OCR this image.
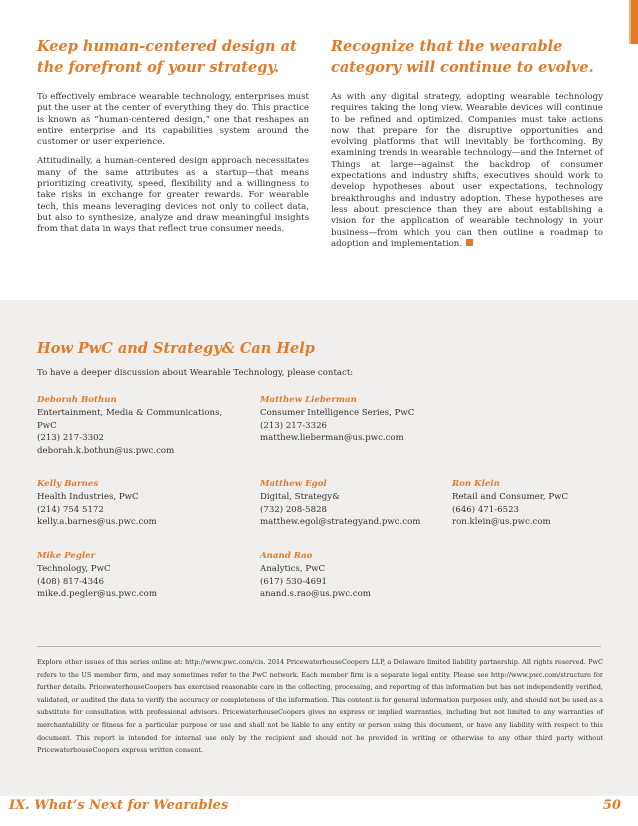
Keep human-centered design at the forefront of your strategy.

To effectively embrace wearable technology, enterprises must put the user at the center of everything they do. This practice is known as “human-centered design,” one that reshapes an entire enterprise and its capabilities system around the customer or user experience.

Attitudinally, a human-centered design approach necessitates many of the same attributes as a startup—that means prioritizing creativity, speed, flexibility and a willingness to take risks in exchange for greater rewards. For wearable tech, this means leveraging devices not only to collect data, but also to synthesize, analyze and draw meaningful insights from that data in ways that reflect true consumer needs.

Recognize that the wearable category will continue to evolve.

As with any digital strategy, adopting wearable technology requires taking the long view. Wearable devices will continue to be refined and optimized. Companies must take actions now that prepare for the disruptive opportunities and evolving platforms that will inevitably be forthcoming. By examining trends in wearable technology—and the Internet of Things at large—against the backdrop of consumer expectations and industry shifts, executives should work to develop hypotheses about user expectations, technology breakthroughs and industry adoption. These hypotheses are less about prescience than they are about establishing a vision for the application of wearable technology in your business—from which you can then outline a roadmap to adoption and implementation.

How PwC and Strategy& Can Help

To have a deeper discussion about Wearable Technology, please contact:

Deborah Bothun
Entertainment, Media & Communications,
PwC
(213) 217-3302
deborah.k.bothun@us.pwc.com
Matthew Lieberman
Consumer Intelligence Series, PwC
(213) 217-3326
matthew.lieberman@us.pwc.com
Kelly Barnes
Health Industries, PwC
(214) 754 5172
kelly.a.barnes@us.pwc.com
Matthew Egol
Digital, Strategy&
(732) 208-5828
matthew.egol@strategyand.pwc.com
Ron Klein
Retail and Consumer, PwC
(646) 471-6523
ron.klein@us.pwc.com
Mike Pegler
Technology, PwC
(408) 817-4346
mike.d.pegler@us.pwc.com
Anand Rao
Analytics, PwC
(617) 530-4691
anand.s.rao@us.pwc.com

Explore other issues of this series online at: http://www.pwc.com/cis. 2014 PricewaterhouseCoopers LLP, a Delaware limited liability partnership. All rights reserved. PwC refers to the US member firm, and may sometimes refer to the PwC network. Each member firm is a separate legal entity. Please see http://www.pwc.com/structure for further details. PricewaterhouseCoopers has exercised reasonable care in the collecting, processing, and reporting of this information but has not independently verified, validated, or audited the data to verify the accuracy or completeness of the information. This content is for general information purposes only, and should not be used as a substitute for consultation with professional advisors. PricewaterhouseCoopers gives no express or implied warranties, including but not limited to any warranties of merchantability or fitness for a particular purpose or use and shall not be liable to any entity or person using this document, or have any liability with respect to this document. This report is intended for internal use only by the recipient and should not be provided in writing or otherwise to any other third party without PricewaterhouseCoopers express written consent.

IX. What’s Next for Wearables	50
